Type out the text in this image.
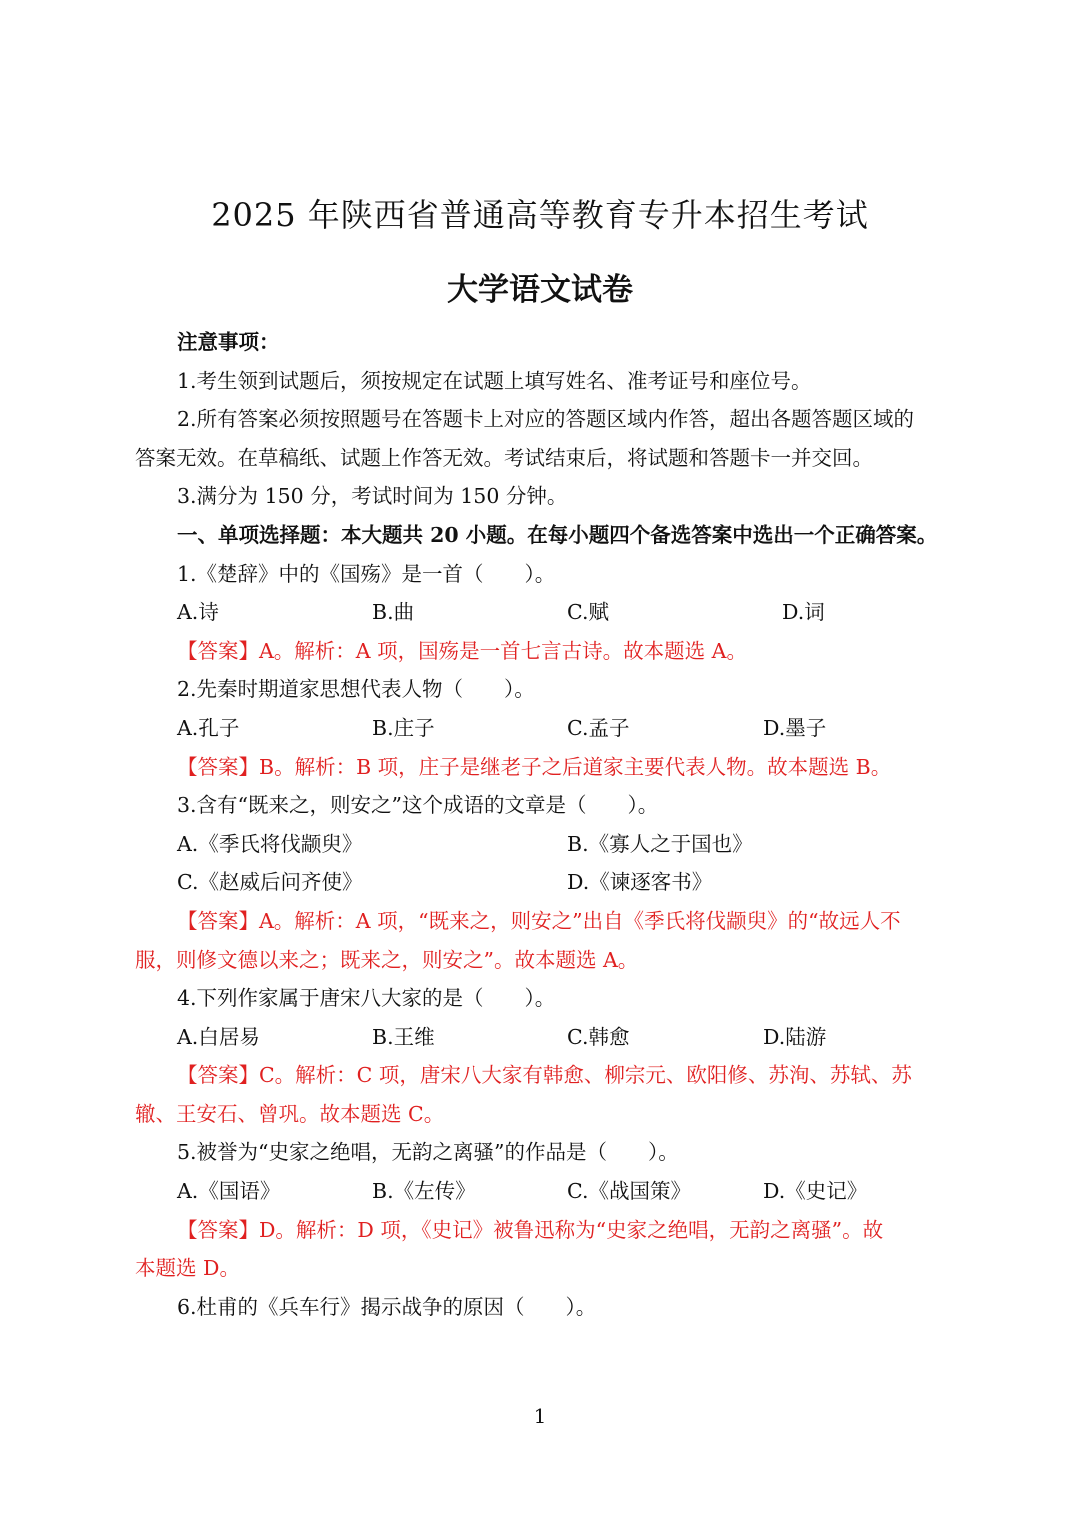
2025 年陕西省普通高等教育专升本招生考试
大学语文试卷

注意事项：

1.考生领到试题后，须按规定在试题上填写姓名、准考证号和座位号。

2.所有答案必须按照题号在答题卡上对应的答题区域内作答，超出各题答题区域的

答案无效。在草稿纸、试题上作答无效。考试结束后，将试题和答题卡一并交回。

3.满分为 150 分，考试时间为 150 分钟。

一、单项选择题：本大题共 20 小题。在每小题四个备选答案中选出一个正确答案。

1.《楚辞》中的《国殇》是一首（　　）。

A.诗	B.曲	C.赋	D.词

【答案】A。解析：A 项，国殇是一首七言古诗。故本题选 A。

2.先秦时期道家思想代表人物（　　）。

A.孔子	B.庄子	C.孟子	D.墨子

【答案】B。解析：B 项，庄子是继老子之后道家主要代表人物。故本题选 B。

3.含有“既来之，则安之”这个成语的文章是（　　）。

A.《季氏将伐颛臾》	B.《寡人之于国也》
C.《赵威后问齐使》	D.《谏逐客书》

【答案】A。解析：A 项，“既来之，则安之”出自《季氏将伐颛臾》的“故远人不

服，则修文德以来之；既来之，则安之”。故本题选 A。

4.下列作家属于唐宋八大家的是（　　）。

A.白居易	B.王维	C.韩愈	D.陆游

【答案】C。解析：C 项，唐宋八大家有韩愈、柳宗元、欧阳修、苏洵、苏轼、苏

辙、王安石、曾巩。故本题选 C。

5.被誉为“史家之绝唱，无韵之离骚”的作品是（　　）。

A.《国语》	B.《左传》	C.《战国策》	D.《史记》

【答案】D。解析：D 项，《史记》被鲁迅称为“史家之绝唱，无韵之离骚”。故

本题选 D。

6.杜甫的《兵车行》揭示战争的原因（　　）。

1
